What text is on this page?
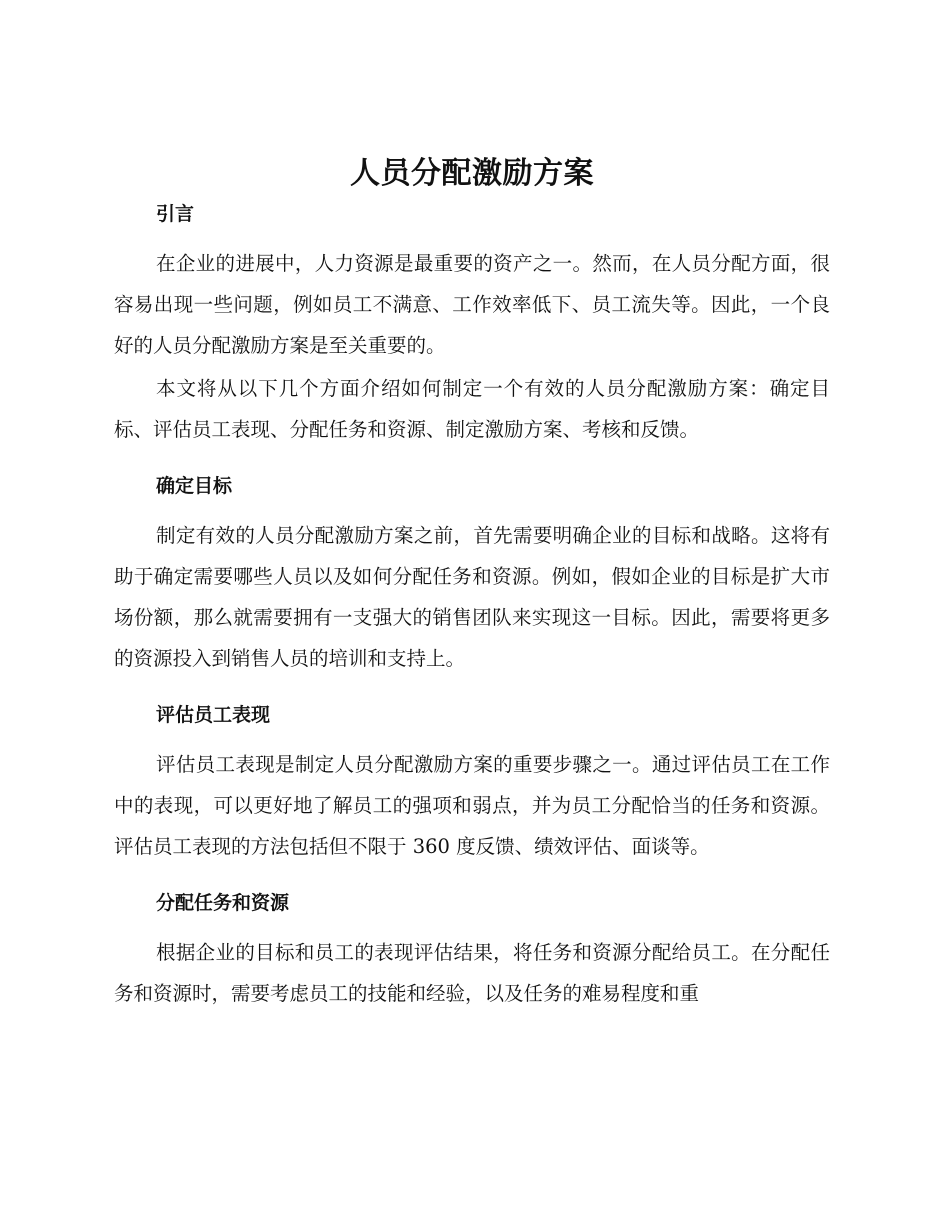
人员分配激励方案
引言

在企业的进展中，人力资源是最重要的资产之一。然而，在人员分配方面，很容易出现一些问题，例如员工不满意、工作效率低下、员工流失等。因此，一个良好的人员分配激励方案是至关重要的。

本文将从以下几个方面介绍如何制定一个有效的人员分配激励方案：确定目标、评估员工表现、分配任务和资源、制定激励方案、考核和反馈。

确定目标

制定有效的人员分配激励方案之前，首先需要明确企业的目标和战略。这将有助于确定需要哪些人员以及如何分配任务和资源。例如，假如企业的目标是扩大市场份额，那么就需要拥有一支强大的销售团队来实现这一目标。因此，需要将更多的资源投入到销售人员的培训和支持上。

评估员工表现

评估员工表现是制定人员分配激励方案的重要步骤之一。通过评估员工在工作中的表现，可以更好地了解员工的强项和弱点，并为员工分配恰当的任务和资源。评估员工表现的方法包括但不限于 360 度反馈、绩效评估、面谈等。

分配任务和资源

根据企业的目标和员工的表现评估结果，将任务和资源分配给员工。在分配任务和资源时，需要考虑员工的技能和经验，以及任务的难易程度和重
